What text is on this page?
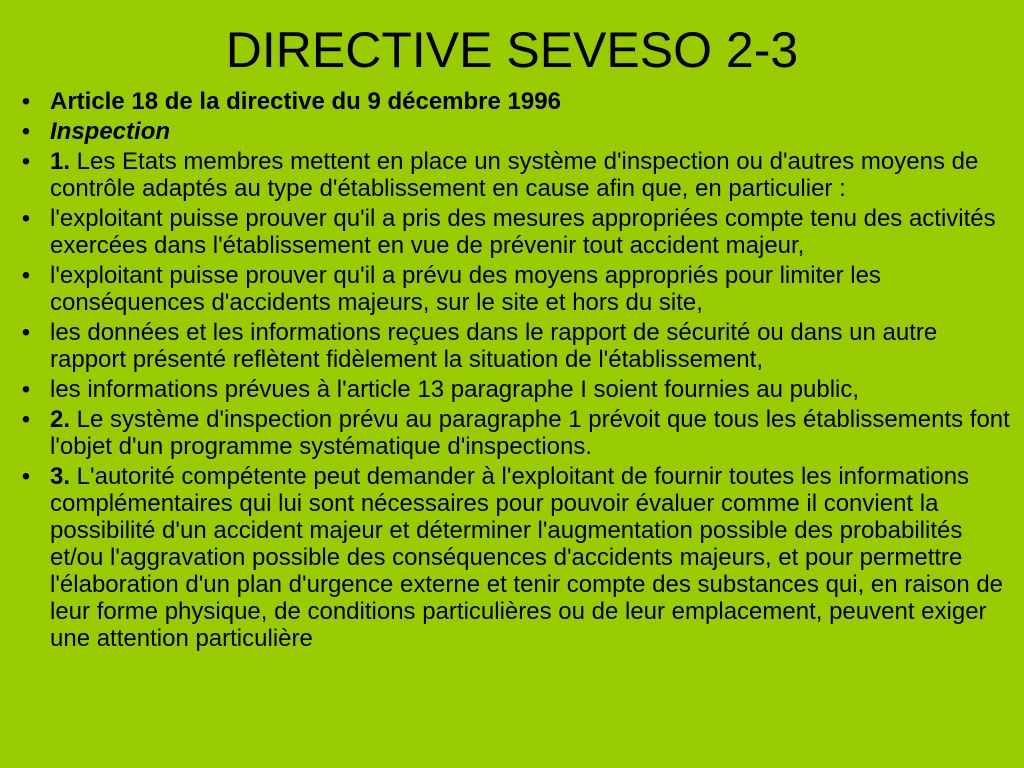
DIRECTIVE SEVESO 2-3
• Article 18 de la directive du 9 décembre 1996
• Inspection
• 1. Les Etats membres mettent en place un système d'inspection ou d'autres moyens de contrôle adaptés au type d'établissement en cause afin que, en particulier :
• l'exploitant puisse prouver qu'il a pris des mesures appropriées compte tenu des activités exercées dans l'établissement en vue de prévenir tout accident majeur,
• l'exploitant puisse prouver qu'il a prévu des moyens appropriés pour limiter les conséquences d'accidents majeurs, sur le site et hors du site,
• les données et les informations reçues dans le rapport de sécurité ou dans un autre rapport présenté reflètent fidèlement la situation de l'établissement,
• les informations prévues à l'article 13 paragraphe I soient fournies au public,
• 2. Le système d'inspection prévu au paragraphe 1 prévoit que tous les établissements font l'objet d'un programme systématique d'inspections.
• 3. L'autorité compétente peut demander à l'exploitant de fournir toutes les informations complémentaires qui lui sont nécessaires pour pouvoir évaluer comme il convient la possibilité d'un accident majeur et déterminer l'augmentation possible des probabilités et/ou l'aggravation possible des conséquences d'accidents majeurs, et pour permettre l'élaboration d'un plan d'urgence externe et tenir compte des substances qui, en raison de leur forme physique, de conditions particulières ou de leur emplacement, peuvent exiger une attention particulière
